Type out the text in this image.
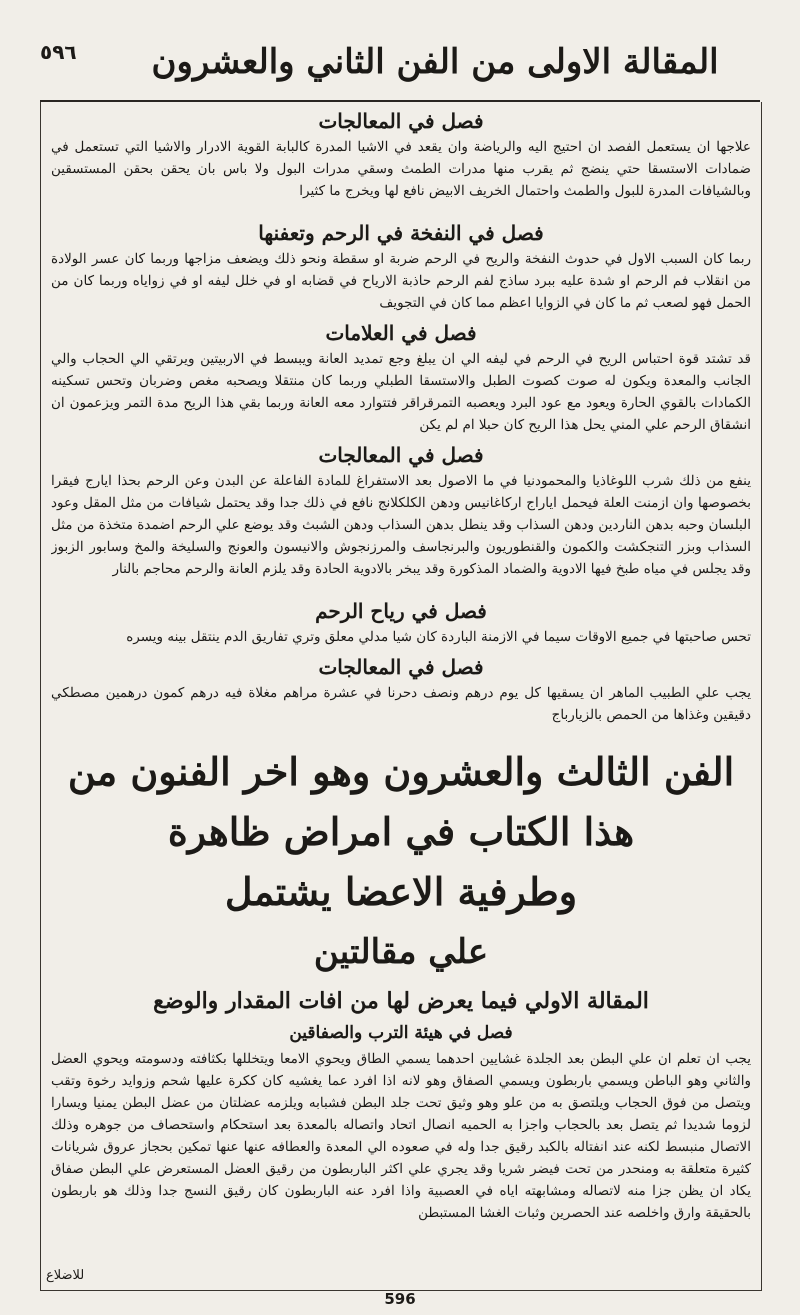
٥٩٦	المقالة الاولى من الفن الثاني والعشرون
فصل في المعالجات

علاجها ان يستعمل الفصد ان احتيج اليه والرياضة وان يقعد في الاشيا المدرة كالبابة القوية الادرار والاشيا التي تستعمل في ضمادات الاستسقا حتي ينضج ثم يقرب منها مدرات الطمث وسقي مدرات البول ولا باس بان يحقن بحقن المستسقين وبالشيافات المدرة للبول والطمث واحتمال الخريف الابيض نافع لها ويخرج ما كثيرا

فصل في النفخة في الرحم وتعفنها

ربما كان السبب الاول في حدوث النفخة والريح في الرحم ضربة او سقطة ونحو ذلك ويضعف مزاجها وربما كان عسر الولادة من انقلاب فم الرحم او شدة عليه ببرد ساذج لفم الرحم حاذبة الارياح في قضابه او في خلل ليفه او في زواياه وربما كان من الحمل فهو لصعب ثم ما كان في الزوايا اعظم مما كان في التجويف

فصل في العلامات

قد تشتد قوة احتباس الريح في الرحم في ليفه الي ان يبلغ وجع تمديد العانة ويبسط في الاربيتين ويرتقي الي الحجاب والي الجانب والمعدة ويكون له صوت كصوت الطبل والاستسقا الطبلي وربما كان منتقلا ويصحبه مغص وضربان وتحس تسكينه الكمادات بالقوي الحارة ويعود مع عود البرد ويعصبه التمرقراقر فتتوارد معه العانة وربما بقي هذا الريح مدة التمر ويزعمون ان انشقاق الرحم علي المني يحل هذا الريح كان حبلا ام لم يكن

فصل في المعالجات

ينفع من ذلك شرب اللوغاذيا والمحمودنيا في ما الاصول بعد الاستفراغ للمادة الفاعلة عن البدن وعن الرحم بحذا ايارج فيقرا بخصوصها وان ازمنت العلة فيحمل اياراج اركاغانيس ودهن الكلكلانج نافع في ذلك جدا وقد يحتمل شيافات من مثل المقل وعود البلسان وحبه بدهن الناردين ودهن السذاب وقد ينطل بدهن السذاب ودهن الشبث وقد يوضع علي الرحم اضمدة متخذة من مثل السذاب وبزر التنجكشت والكمون والقنطوريون والبرنجاسف والمرزنجوش والانيسون والعونج والسليخة والمخ وسابور الزبوز وقد يجلس في مياه طبخ فيها الادوية والضماد المذكورة وقد يبخر بالادوية الحادة وقد يلزم العانة والرحم محاجم بالنار

فصل في رياح الرحم

تحس صاحبتها في جميع الاوقات سيما في الازمنة الباردة كان شيا مدلي معلق وتري تفاريق الدم ينتقل بينه ويسره

فصل في المعالجات

يجب علي الطبيب الماهر ان يسقيها كل يوم درهم ونصف دحرنا في عشرة مراهم مغلاة فيه درهم كمون درهمين مصطكي دقيقين وغذاها من الحمص بالزيارباج

الفن الثالث والعشرون وهو اخر الفنون من

هذا الكتاب في امراض ظاهرة

وطرفية الاعضا يشتمل

علي مقالتين

المقالة الاولي فيما يعرض لها من افات المقدار والوضع
فصل في هيئة الترب والصفاقين

يجب ان تعلم ان علي البطن بعد الجلدة غشايين احدهما يسمي الطاق ويحوي الامعا ويتخللها بكثافته ودسومته ويحوي العضل والثاني وهو الباطن ويسمي باربطون ويسمي الصفاق وهو لانه اذا افرد عما يغشيه كان ككرة عليها شحم وزوايد رخوة وتقب ويتصل من فوق الحجاب ويلتصق به من علو وهو وثيق تحت جلد البطن فشبابه ويلزمه عضلتان من عضل البطن يمنيا ويسارا لزوما شديدا ثم يتصل بعد بالحجاب واجزا به الحميه انصال اتحاد واتصاله بالمعدة بعد استحكام واستحصاف من جوهره وذلك الاتصال منبسط لكنه عند انفتاله بالكبد رقيق جدا وله في صعوده الي المعدة والعطافه عنها عنها تمكين بحجاز عروق شريانات كثيرة متعلقة به ومنحدر من تحت فيضر شريا وقد يجري علي اكثر الباربطون من رقيق العضل المستعرض علي البطن صفاق يكاد ان يظن جزا منه لاتصاله ومشابهته اياه في العصبية واذا افرد عنه الباربطون كان رقيق النسج جدا وذلك هو باربطون بالحقيقة وارق واخلصه عند الحصرين وثبات الغشا المستبطن

للاضلاع
596
